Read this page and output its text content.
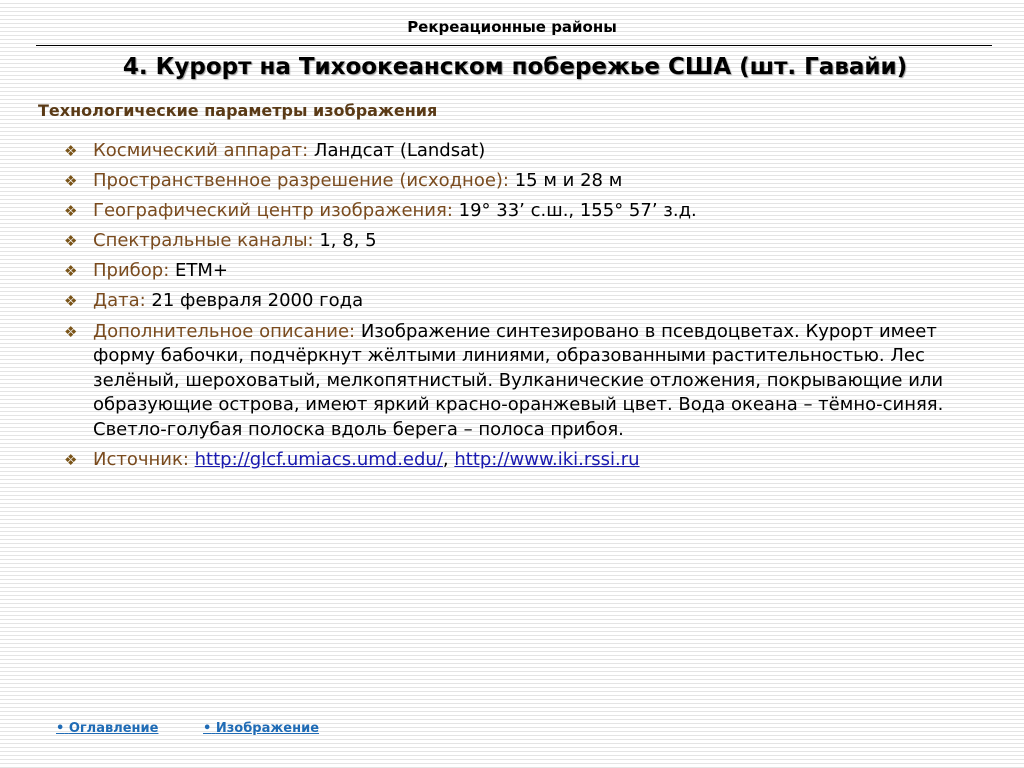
Рекреационные районы
4. Курорт на Тихоокеанском побережье США (шт. Гавайи)
Технологические параметры изображения
❖ Космический аппарат: Ландсат (Landsat)
❖ Пространственное разрешение (исходное): 15 м и 28 м
❖ Географический центр изображения: 19° 33’ с.ш., 155° 57’ з.д.
❖ Спектральные каналы: 1, 8, 5
❖ Прибор: ЕТМ+
❖ Дата: 21 февраля 2000 года
❖ Дополнительное описание: Изображение синтезировано в псевдоцветах. Курорт имеет форму бабочки, подчёркнут жёлтыми линиями, образованными растительностью. Лес зелёный, шероховатый, мелкопятнистый. Вулканические отложения, покрывающие или образующие острова, имеют яркий красно-оранжевый цвет. Вода океана – тёмно-синяя. Светло-голубая полоска вдоль берега – полоса прибоя.
❖ Источник: http://glcf.umiacs.umd.edu/, http://www.iki.rssi.ru
• Оглавление	• Изображение
